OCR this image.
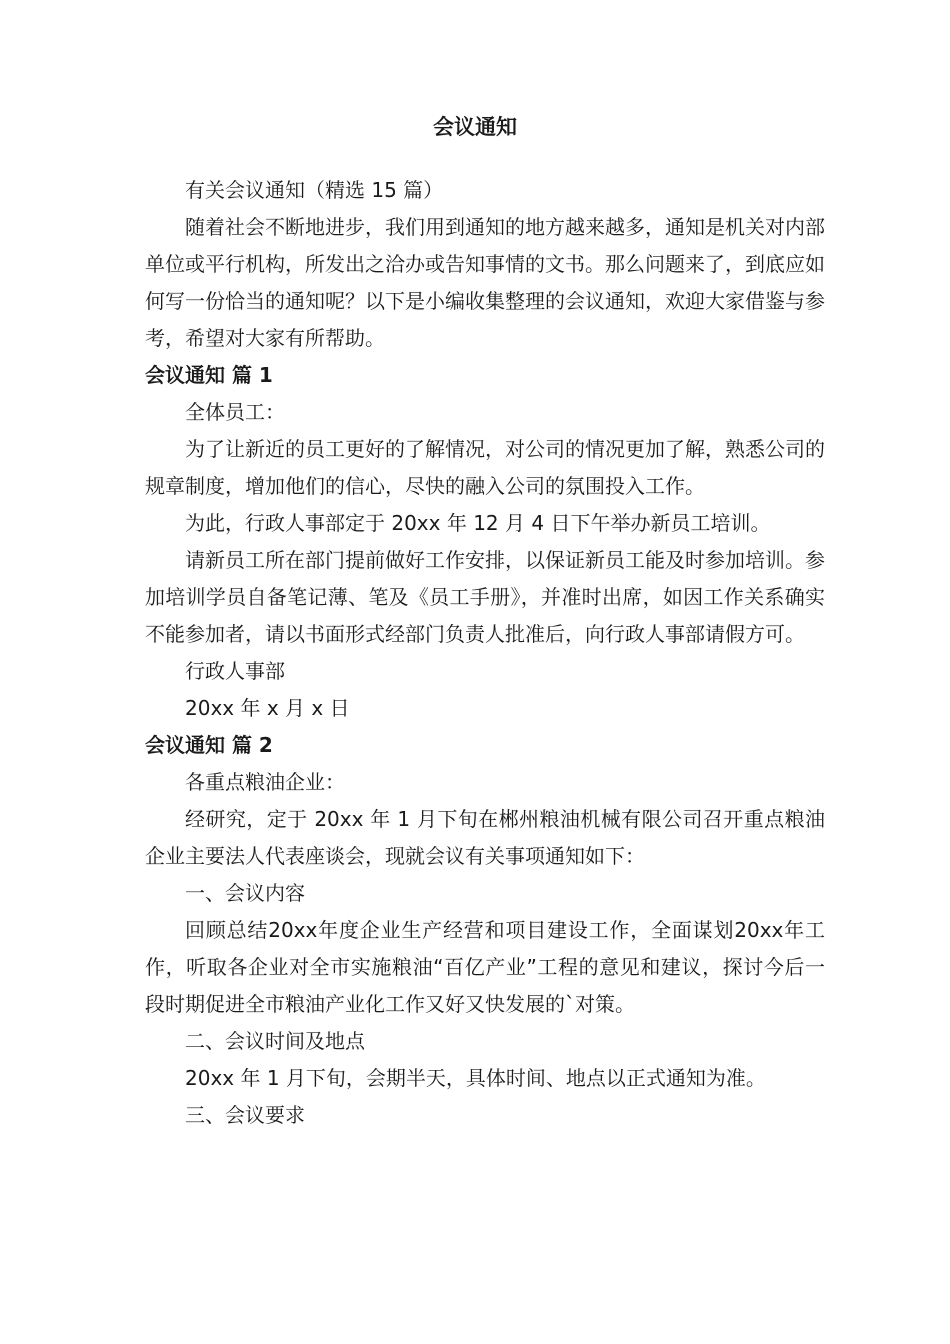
会议通知

有关会议通知（精选 15 篇）

随着社会不断地进步，我们用到通知的地方越来越多，通知是机关对内部单位或平行机构，所发出之洽办或告知事情的文书。那么问题来了，到底应如何写一份恰当的通知呢？以下是小编收集整理的会议通知，欢迎大家借鉴与参考，希望对大家有所帮助。

会议通知 篇 1

全体员工：

为了让新近的员工更好的了解情况，对公司的情况更加了解，熟悉公司的规章制度，增加他们的信心，尽快的融入公司的氛围投入工作。

为此，行政人事部定于 20xx 年 12 月 4 日下午举办新员工培训。

请新员工所在部门提前做好工作安排，以保证新员工能及时参加培训。参加培训学员自备笔记薄、笔及《员工手册》，并准时出席，如因工作关系确实不能参加者，请以书面形式经部门负责人批准后，向行政人事部请假方可。

行政人事部

20xx 年 x 月 x 日

会议通知 篇 2

各重点粮油企业：

经研究，定于 20xx 年 1 月下旬在郴州粮油机械有限公司召开重点粮油企业主要法人代表座谈会，现就会议有关事项通知如下：

一、会议内容

回顾总结20xx年度企业生产经营和项目建设工作，全面谋划20xx年工作，听取各企业对全市实施粮油“百亿产业”工程的意见和建议，探讨今后一段时期促进全市粮油产业化工作又好又快发展的`对策。

二、会议时间及地点

20xx 年 1 月下旬，会期半天，具体时间、地点以正式通知为准。

三、会议要求
